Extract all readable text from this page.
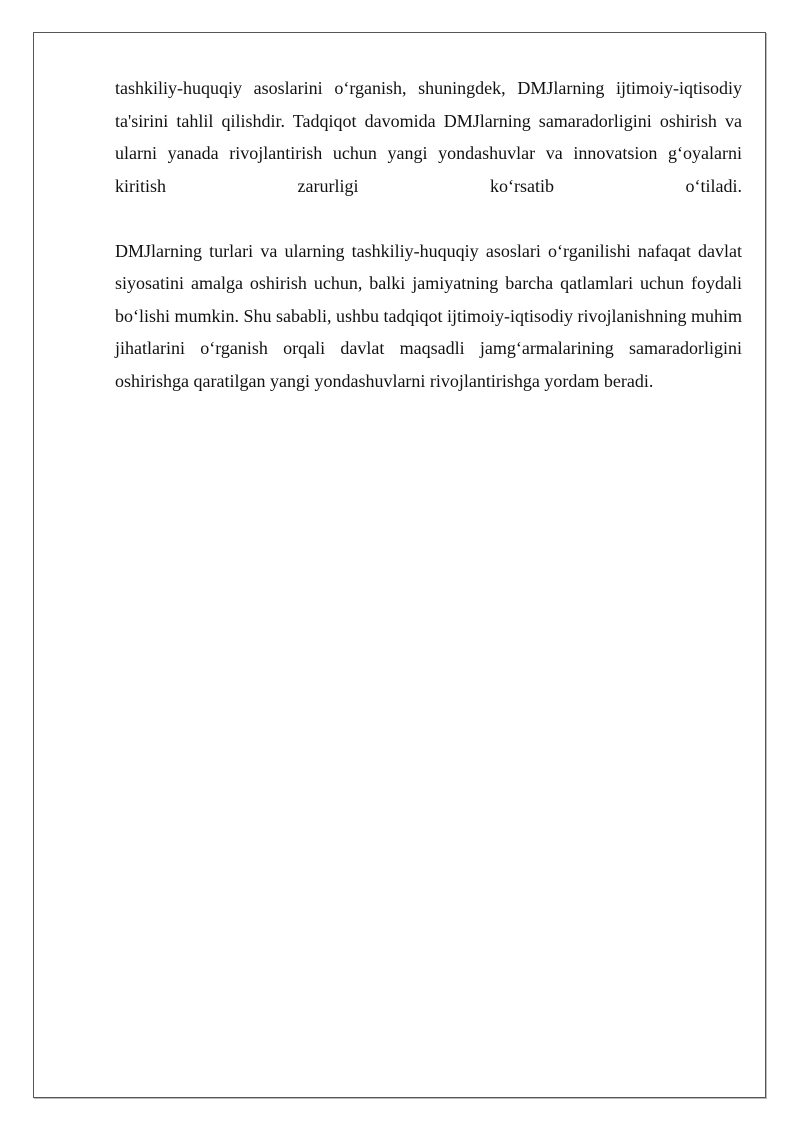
tashkiliy-huquqiy asoslarini o‘rganish, shuningdek, DMJlarning ijtimoiy-iqtisodiy ta'sirini tahlil qilishdir. Tadqiqot davomida DMJlarning samaradorligini oshirish va ularni yanada rivojlantirish uchun yangi yondashuvlar va innovatsion g‘oyalarni kiritish zarurligi ko‘rsatib o‘tiladi.

DMJlarning turlari va ularning tashkiliy-huquqiy asoslari o‘rganilishi nafaqat davlat siyosatini amalga oshirish uchun, balki jamiyatning barcha qatlamlari uchun foydali bo‘lishi mumkin. Shu sababli, ushbu tadqiqot ijtimoiy-iqtisodiy rivojlanishning muhim jihatlarini o‘rganish orqali davlat maqsadli jamg‘armalarining samaradorligini oshirishga qaratilgan yangi yondashuvlarni rivojlantirishga yordam beradi.
